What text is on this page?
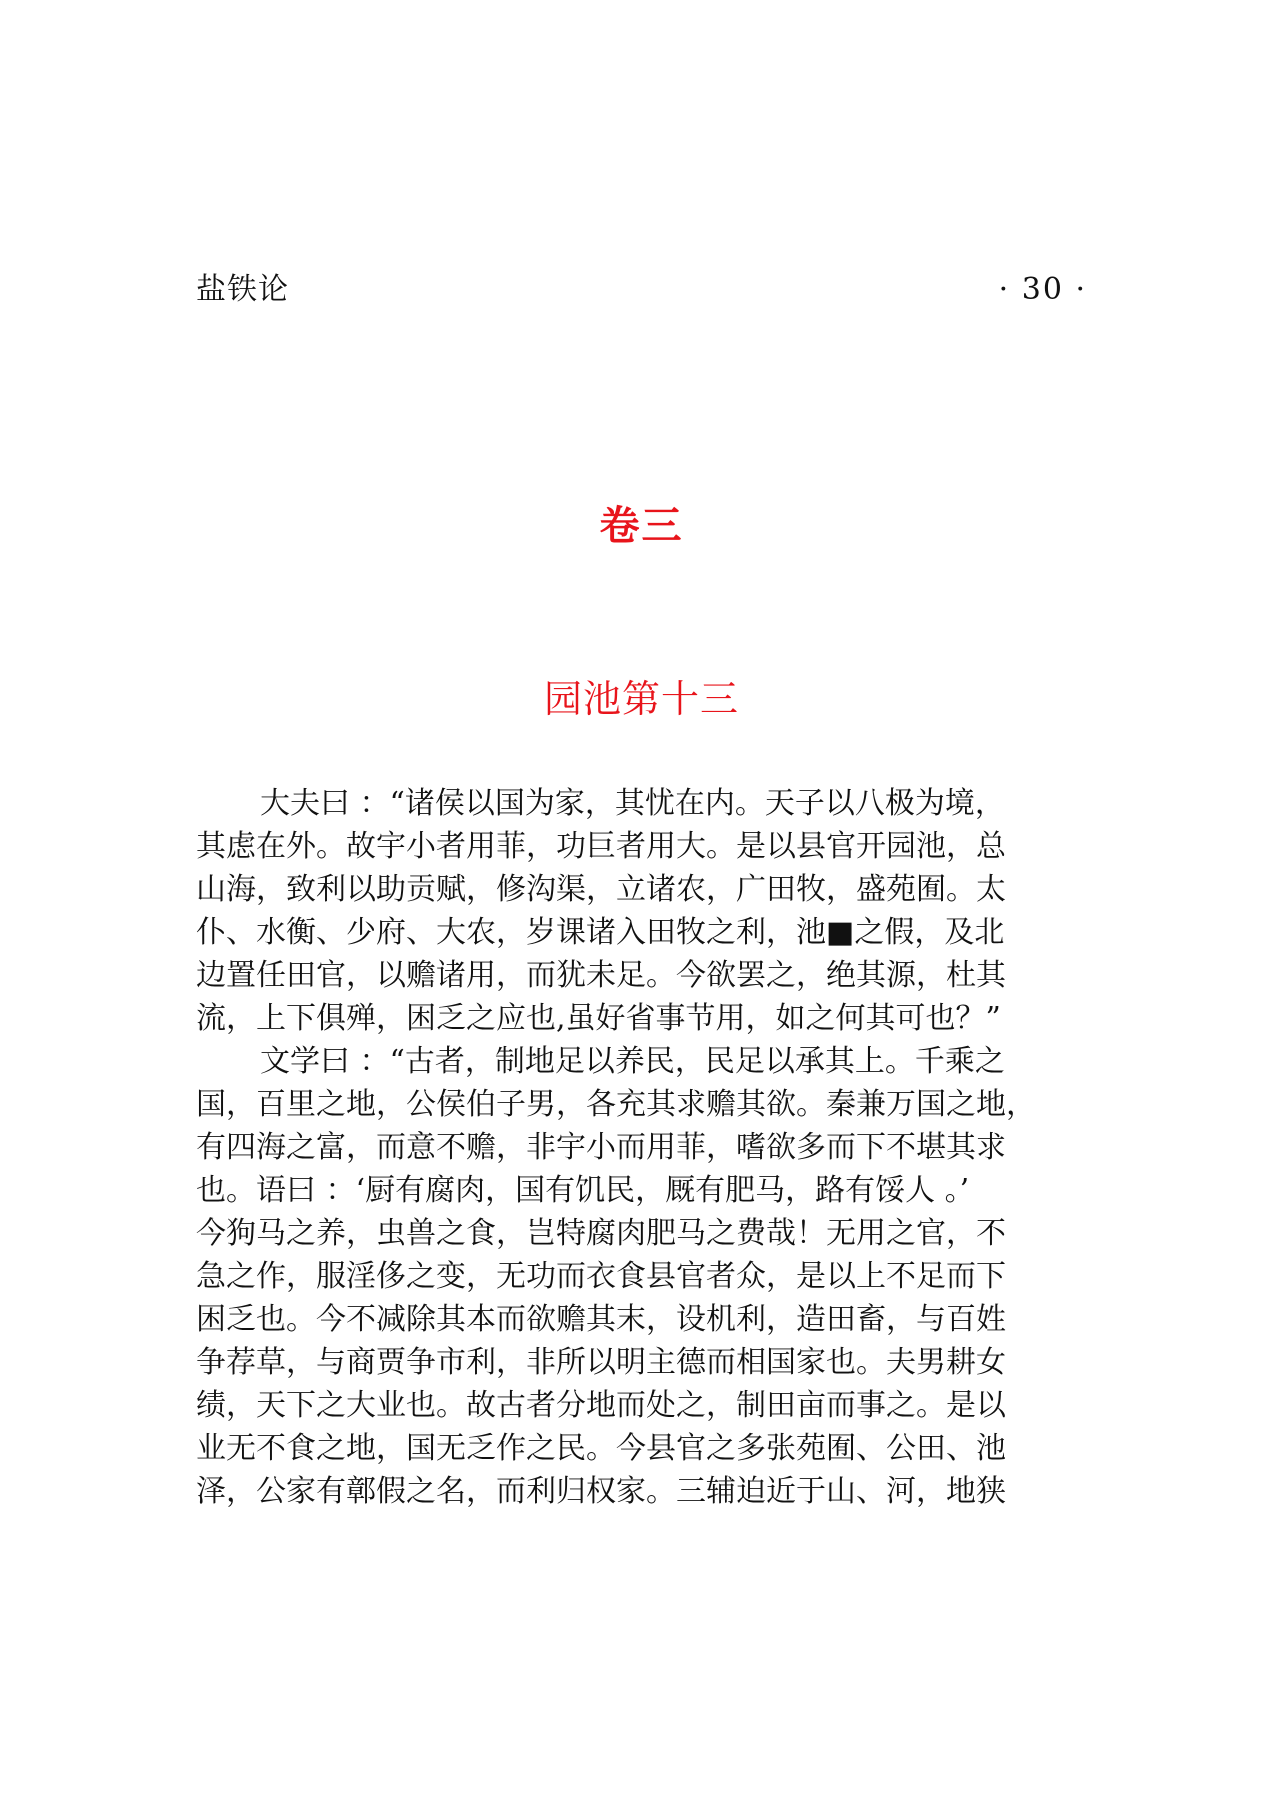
盐铁论	· 30 ·
卷三
园池第十三
大夫曰 ：“诸侯以国为家，其忧在内。天子以八极为境，
其虑在外。故宇小者用菲，功巨者用大。是以县官开园池，总
山海，致利以助贡赋，修沟渠，立诸农，广田牧，盛苑囿。太
仆、水衡、少府、大农，岁课诸入田牧之利，池■之假，及北
边置任田官，以赡诸用，而犹未足。今欲罢之，绝其源，杜其
流，上下俱殚，困乏之应也,虽好省事节用，如之何其可也？”
文学曰 ：“古者，制地足以养民，民足以承其上。千乘之
国，百里之地，公侯伯子男，各充其求赡其欲。秦兼万国之地，
有四海之富，而意不赡，非宇小而用菲，嗜欲多而下不堪其求
也。语曰 ：‘厨有腐肉，国有饥民，厩有肥马，路有馁人 。’
今狗马之养，虫兽之食，岂特腐肉肥马之费哉！无用之官，不
急之作，服淫侈之变，无功而衣食县官者众，是以上不足而下
困乏也。今不减除其本而欲赡其末，设机利，造田畜，与百姓
争荐草，与商贾争市利，非所以明主德而相国家也。夫男耕女
绩，天下之大业也。故古者分地而处之，制田亩而事之。是以
业无不食之地，国无乏作之民。今县官之多张苑囿、公田、池
泽，公家有鄣假之名，而利归权家。三辅迫近于山、河，地狭
